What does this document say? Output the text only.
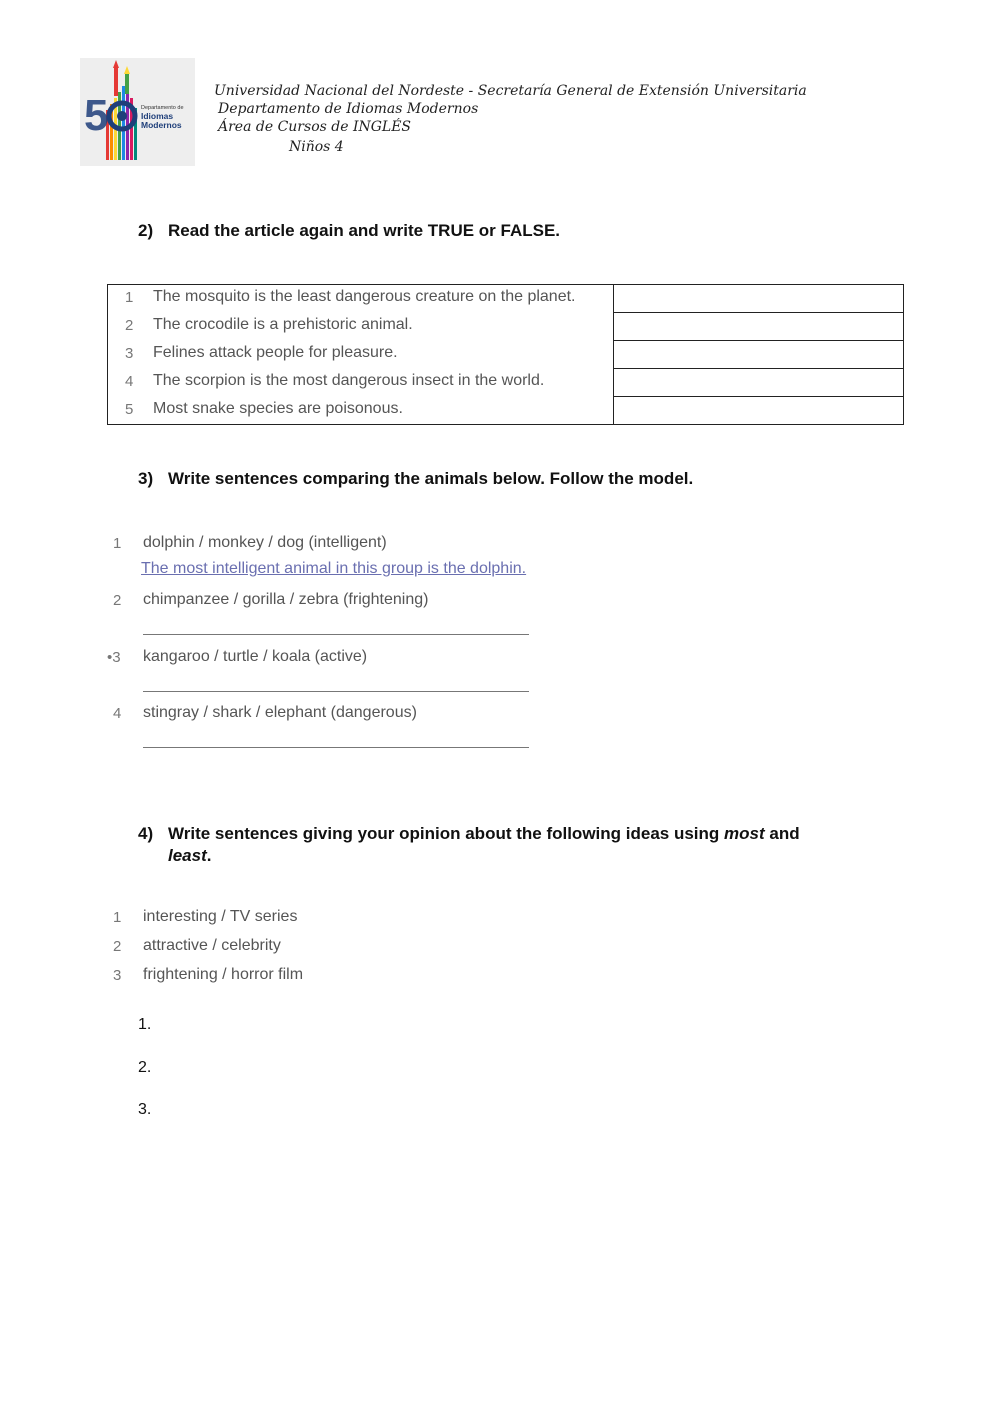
5	Departamento de
Idiomas
Modernos
Universidad Nacional del Nordeste - Secretaría General de Extensión Universitaria
Departamento de Idiomas Modernos
Área de Cursos de INGLÉS
Niños 4
2) Read the article again and write TRUE or FALSE.
1 The mosquito is the least dangerous creature on the planet.
2 The crocodile is a prehistoric animal.
3 Felines attack people for pleasure.
4 The scorpion is the most dangerous insect in the world.
5 Most snake species are poisonous.
3) Write sentences comparing the animals below. Follow the model.
1 dolphin / monkey / dog (intelligent)
The most intelligent animal in this group is the dolphin.
2 chimpanzee / gorilla / zebra (frightening)
•3 kangaroo / turtle / koala (active)
4 stingray / shark / elephant (dangerous)
4) Write sentences giving your opinion about the following ideas using most and
least.
1 interesting / TV series
2 attractive / celebrity
3 frightening / horror film
1.
2.
3.
